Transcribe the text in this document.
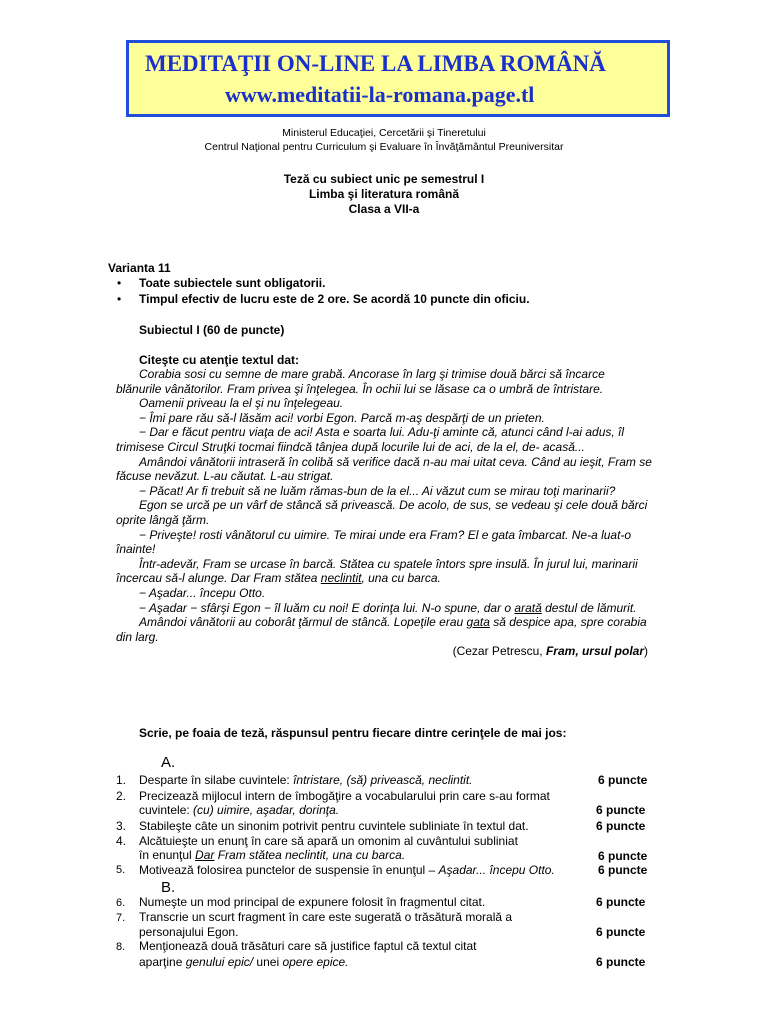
MEDITAŢII ON-LINE LA LIMBA ROMÂNĂ
www.meditatii-la-romana.page.tl
Ministerul Educaţiei, Cercetării şi Tineretului
Centrul Naţional pentru Curriculum şi Evaluare în Învăţământul Preuniversitar
Teză cu subiect unic pe semestrul I
Limba şi literatura română
Clasa a VII-a
Varianta 11
• Toate subiectele sunt obligatorii.
• Timpul efectiv de lucru este de 2 ore. Se acordă 10 puncte din oficiu.
Subiectul I (60 de puncte)
Citeşte cu atenţie textul dat:

Corabia sosi cu semne de mare grabă. Ancorase în larg şi trimise două bărci să încarce blănurile vânătorilor. Fram privea şi înţelegea. În ochii lui se lăsase ca o umbră de întristare.

Oamenii priveau la el şi nu înţelegeau.

− Îmi pare rău să-l lăsăm aci! vorbi Egon. Parcă m-aş despărţi de un prieten.

− Dar e făcut pentru viaţa de aci! Asta e soarta lui. Adu-ţi aminte că, atunci când l-ai adus, îl trimisese Circul Struţki tocmai fiindcă tânjea după locurile lui de aci, de la el, de- acasă...

Amândoi vânătorii intraseră în colibă să verifice dacă n-au mai uitat ceva. Când au ieşit, Fram se făcuse nevăzut. L-au căutat. L-au strigat.

− Păcat! Ar fi trebuit să ne luăm rămas-bun de la el... Ai văzut cum se mirau toţi marinarii?

Egon se urcă pe un vârf de stâncă să privească. De acolo, de sus, se vedeau şi cele două bărci oprite lângă ţărm.

− Priveşte! rosti vânătorul cu uimire. Te mirai unde era Fram? El e gata îmbarcat. Ne-a luat-o înainte!

Într-adevăr, Fram se urcase în barcă. Stătea cu spatele întors spre insulă. În jurul lui, marinarii încercau să-l alunge. Dar Fram stătea neclintit, una cu barca.

− Aşadar... începu Otto.

− Aşadar − sfârşi Egon − îl luăm cu noi! E dorinţa lui. N-o spune, dar o arată destul de lămurit.

Amândoi vânătorii au coborât ţărmul de stâncă. Lopeţile erau gata să despice apa, spre corabia din larg.

(Cezar Petrescu, Fram, ursul polar)

Scrie, pe foaia de teză, răspunsul pentru fiecare dintre cerinţele de mai jos:
A.
1. Desparte în silabe cuvintele: întristare, (să) privească, neclintit.	6 puncte
2. Precizează mijlocul intern de îmbogăţire a vocabularului prin care s-au format
cuvintele: (cu) uimire, aşadar, dorinţa.	6 puncte
3. Stabileşte câte un sinonim potrivit pentru cuvintele subliniate în textul dat.	6 puncte
4. Alcătuieşte un enunţ în care să apară un omonim al cuvântului subliniat
în enunţul Dar Fram stătea neclintit, una cu barca.	6 puncte
5. Motivează folosirea punctelor de suspensie în enunţul – Aşadar... începu Otto.	6 puncte
B.
6. Numeşte un mod principal de expunere folosit în fragmentul citat.	6 puncte
7. Transcrie un scurt fragment în care este sugerată o trăsătură morală a
personajului Egon.	6 puncte
8. Menţionează două trăsături care să justifice faptul că textul citat
aparţine genului epic/ unei opere epice.	6 puncte
